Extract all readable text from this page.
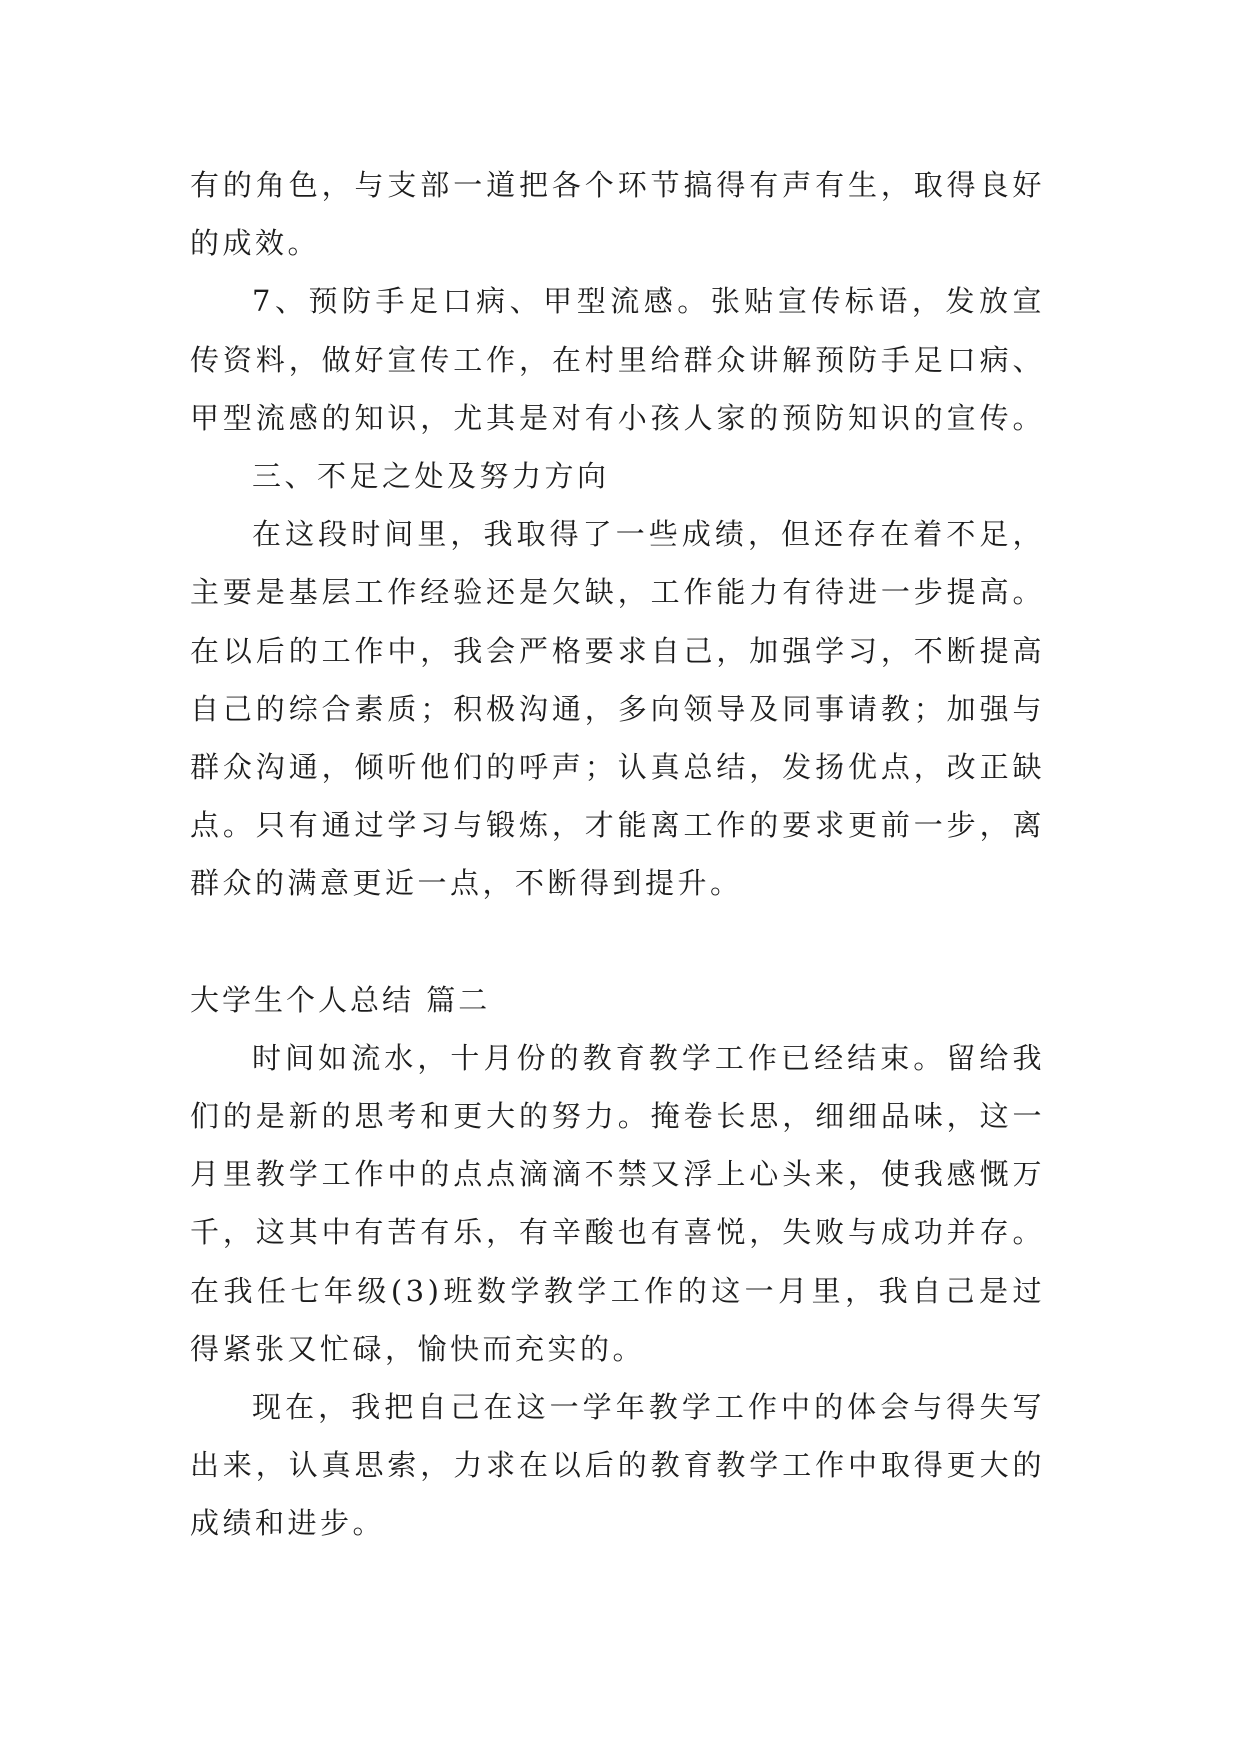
有的角色，与支部一道把各个环节搞得有声有生，取得良好
的成效。
7、预防手足口病、甲型流感。张贴宣传标语，发放宣
传资料，做好宣传工作，在村里给群众讲解预防手足口病、
甲型流感的知识，尤其是对有小孩人家的预防知识的宣传。
三、不足之处及努力方向
在这段时间里，我取得了一些成绩，但还存在着不足，
主要是基层工作经验还是欠缺，工作能力有待进一步提高。
在以后的工作中，我会严格要求自己，加强学习，不断提高
自己的综合素质；积极沟通，多向领导及同事请教；加强与
群众沟通，倾听他们的呼声；认真总结，发扬优点，改正缺
点。只有通过学习与锻炼，才能离工作的要求更前一步，离
群众的满意更近一点，不断得到提升。
大学生个人总结 篇二
时间如流水，十月份的教育教学工作已经结束。留给我
们的是新的思考和更大的努力。掩卷长思，细细品味，这一
月里教学工作中的点点滴滴不禁又浮上心头来，使我感慨万
千，这其中有苦有乐，有辛酸也有喜悦，失败与成功并存。
在我任七年级(3)班数学教学工作的这一月里，我自己是过
得紧张又忙碌，愉快而充实的。
现在，我把自己在这一学年教学工作中的体会与得失写
出来，认真思索，力求在以后的教育教学工作中取得更大的
成绩和进步。
